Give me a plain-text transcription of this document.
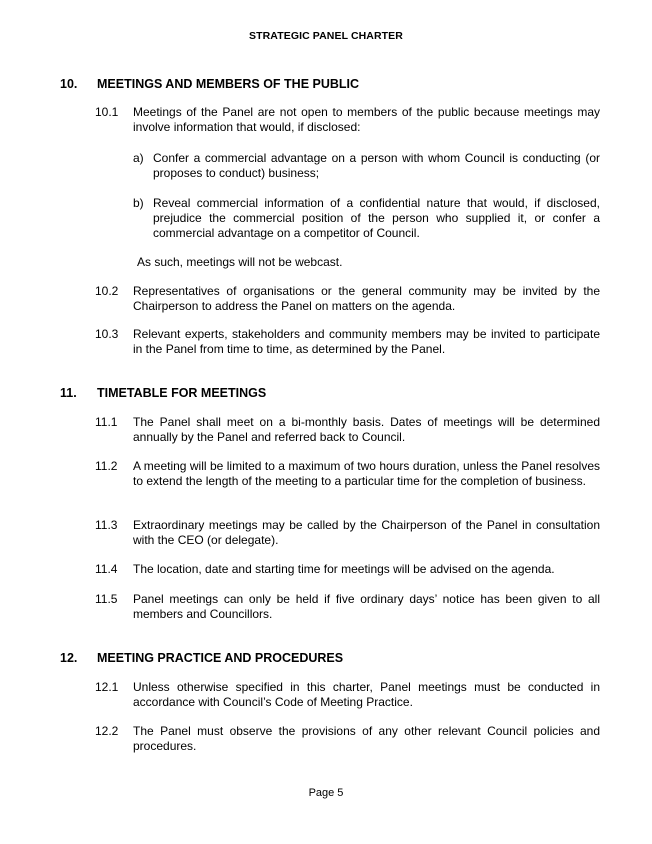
STRATEGIC PANEL CHARTER
10.	MEETINGS AND MEMBERS OF THE PUBLIC
10.1	Meetings of the Panel are not open to members of the public because meetings may involve information that would, if disclosed:
a) Confer a commercial advantage on a person with whom Council is conducting (or proposes to conduct) business;
b) Reveal commercial information of a confidential nature that would, if disclosed, prejudice the commercial position of the person who supplied it, or confer a commercial advantage on a competitor of Council.
As such, meetings will not be webcast.
10.2	Representatives of organisations or the general community may be invited by the Chairperson to address the Panel on matters on the agenda.
10.3	Relevant experts, stakeholders and community members may be invited to participate in the Panel from time to time, as determined by the Panel.
11.	TIMETABLE FOR MEETINGS
11.1	The Panel shall meet on a bi-monthly basis. Dates of meetings will be determined annually by the Panel and referred back to Council.
11.2	A meeting will be limited to a maximum of two hours duration, unless the Panel resolves to extend the length of the meeting to a particular time for the completion of business.
11.3	Extraordinary meetings may be called by the Chairperson of the Panel in consultation with the CEO (or delegate).
11.4	The location, date and starting time for meetings will be advised on the agenda.
11.5	Panel meetings can only be held if five ordinary days’ notice has been given to all members and Councillors.
12.	MEETING PRACTICE AND PROCEDURES
12.1	Unless otherwise specified in this charter, Panel meetings must be conducted in accordance with Council’s Code of Meeting Practice.
12.2	The Panel must observe the provisions of any other relevant Council policies and procedures.
Page 5
